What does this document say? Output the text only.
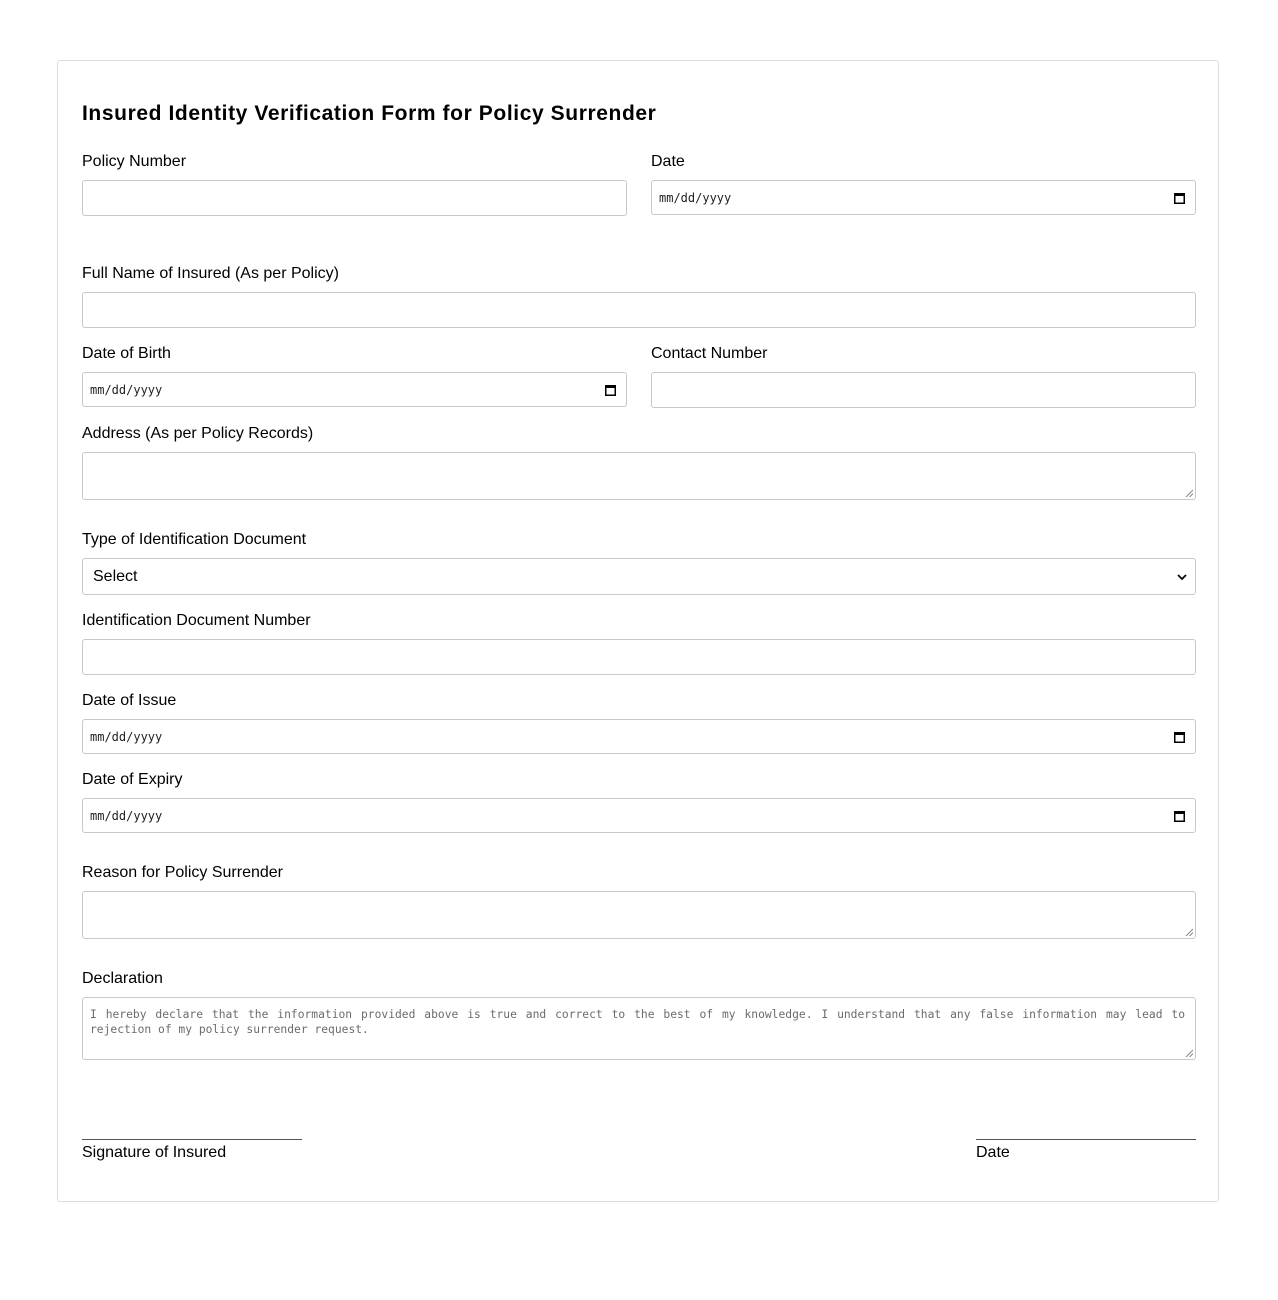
Insured Identity Verification Form for Policy Surrender
Policy Number	Date
mm/dd/yyyy
Full Name of Insured (As per Policy)
Date of Birth
mm/dd/yyyy
Contact Number
Address (As per Policy Records)
Type of Identification Document
Select
Identification Document Number
Date of Issue
mm/dd/yyyy
Date of Expiry
mm/dd/yyyy
Reason for Policy Surrender
Declaration
I hereby declare that the information provided above is true and correct to the best of my knowledge. I understand that any false information may lead to rejection of my policy surrender request.
Signature of Insured	Date
